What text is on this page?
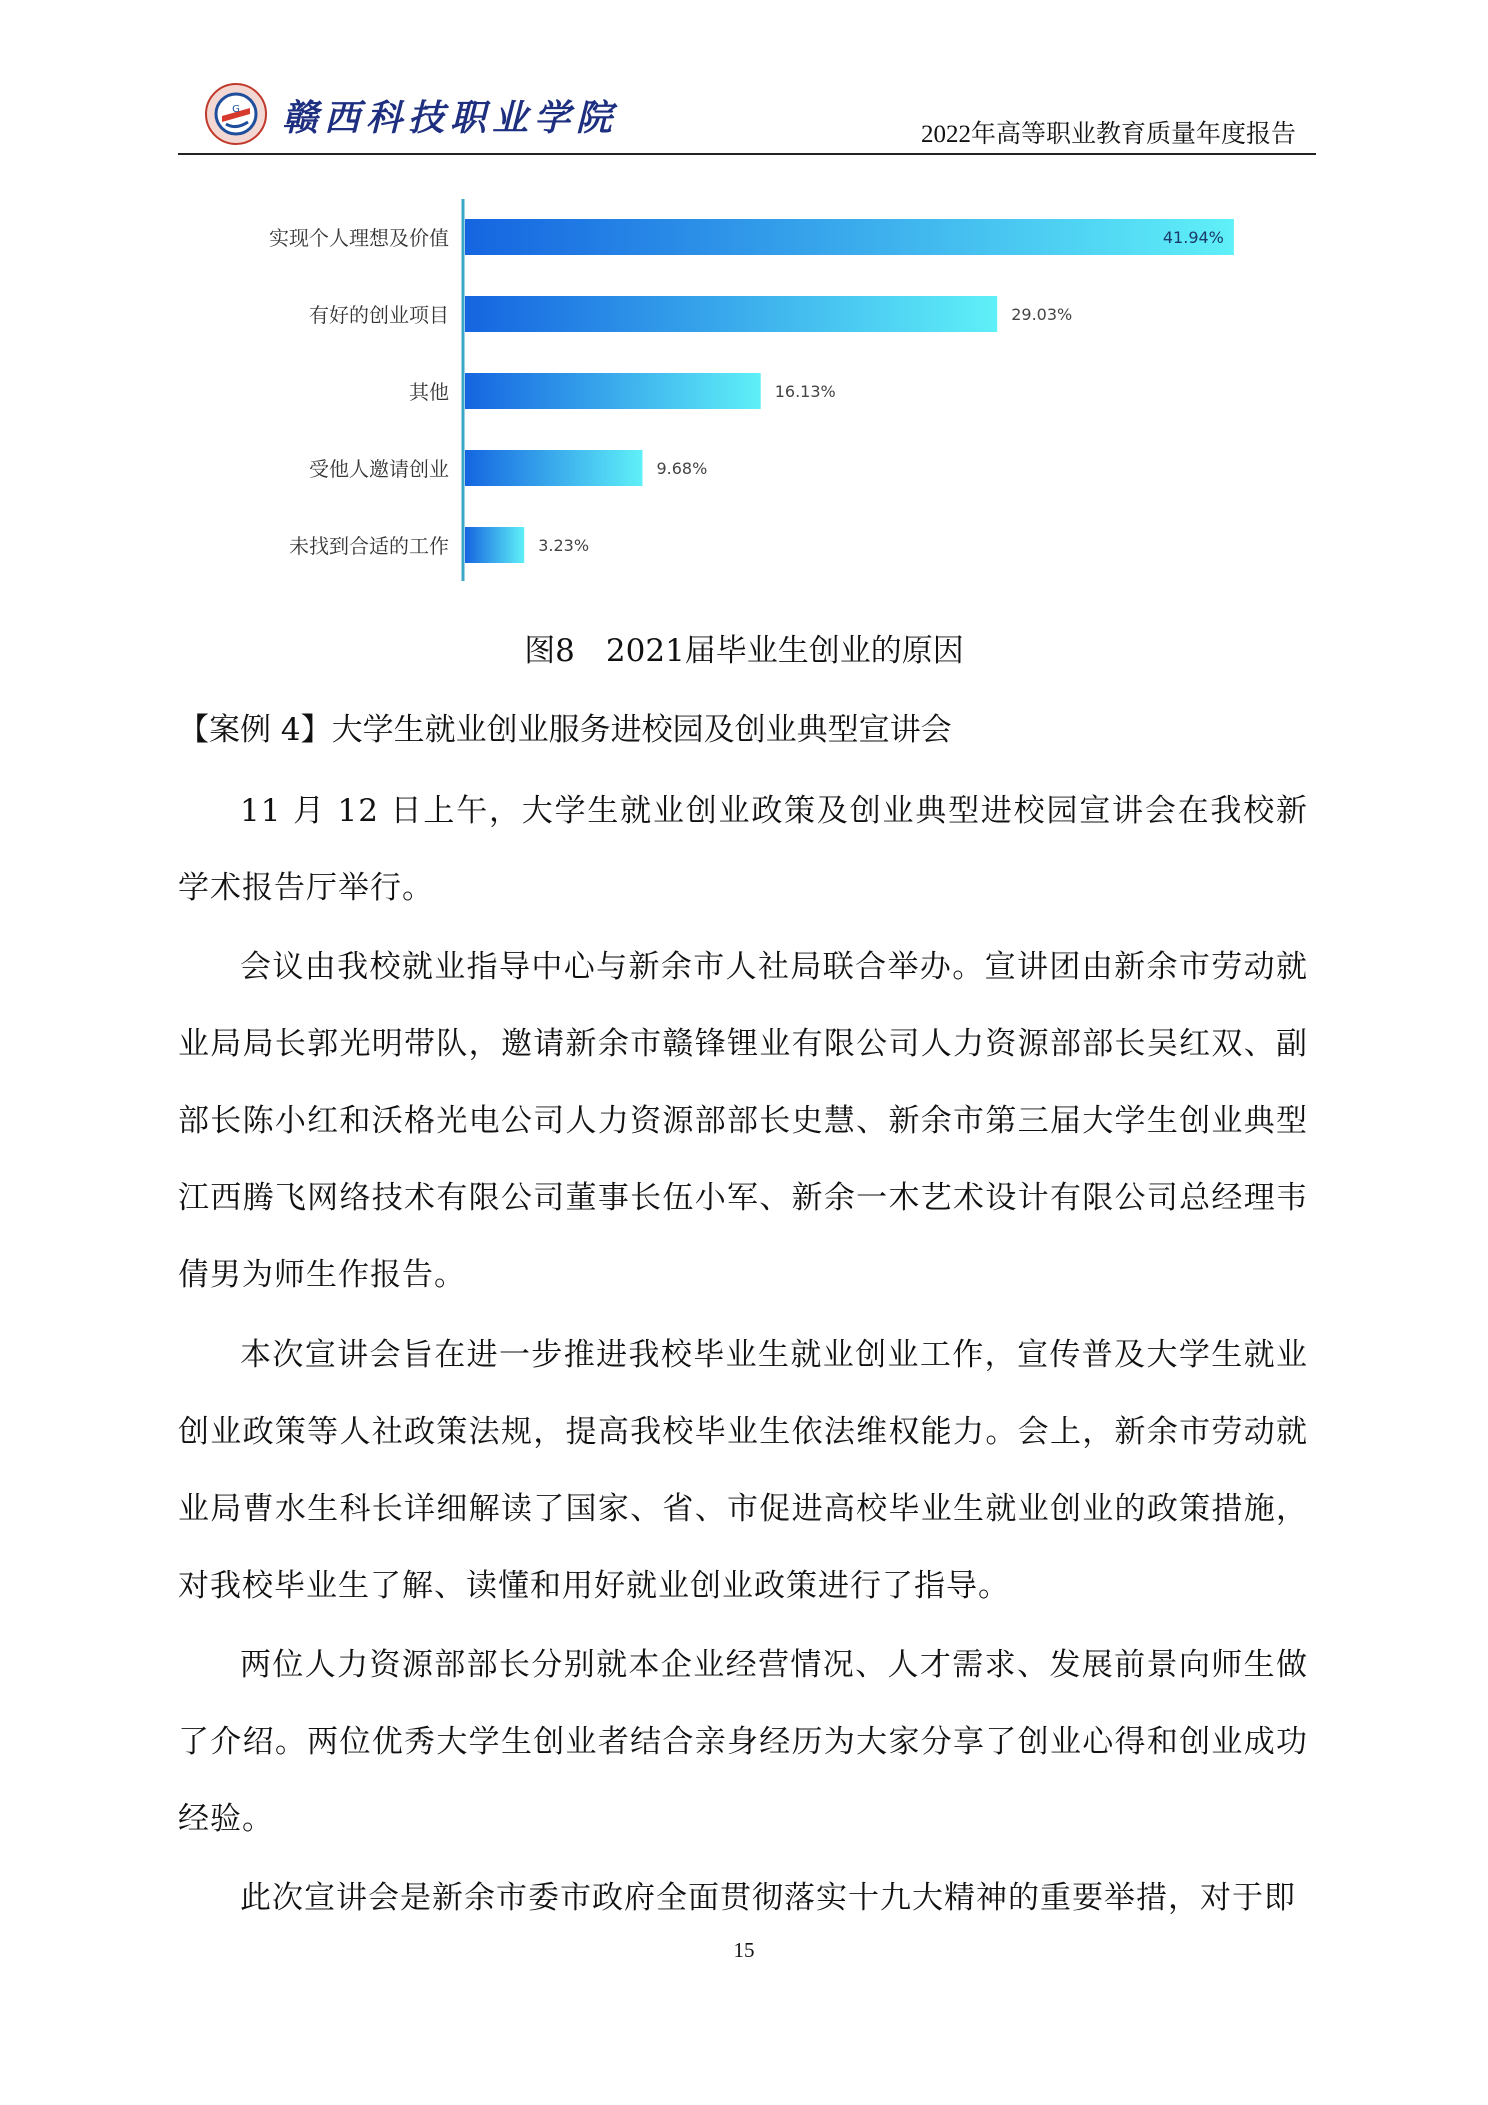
G 赣西科技职业学院	2022年高等职业教育质量年度报告
实现个人理想及价值	41.94%
有好的创业项目	29.03%
其他	16.13%
受他人邀请创业	9.68%
未找到合适的工作	3.23%
图8　2021届毕业生创业的原因
【案例 4】大学生就业创业服务进校园及创业典型宣讲会

11 月 12 日上午，大学生就业创业政策及创业典型进校园宣讲会在我校新学术报告厅举行。

会议由我校就业指导中心与新余市人社局联合举办。宣讲团由新余市劳动就业局局长郭光明带队，邀请新余市赣锋锂业有限公司人力资源部部长吴红双、副部长陈小红和沃格光电公司人力资源部部长史慧、新余市第三届大学生创业典型江西腾飞网络技术有限公司董事长伍小军、新余一木艺术设计有限公司总经理韦倩男为师生作报告。

本次宣讲会旨在进一步推进我校毕业生就业创业工作，宣传普及大学生就业创业政策等人社政策法规，提高我校毕业生依法维权能力。会上，新余市劳动就业局曹水生科长详细解读了国家、省、市促进高校毕业生就业创业的政策措施，对我校毕业生了解、读懂和用好就业创业政策进行了指导。

两位人力资源部部长分别就本企业经营情况、人才需求、发展前景向师生做了介绍。两位优秀大学生创业者结合亲身经历为大家分享了创业心得和创业成功经验。

此次宣讲会是新余市委市政府全面贯彻落实十九大精神的重要举措，对于即

15
